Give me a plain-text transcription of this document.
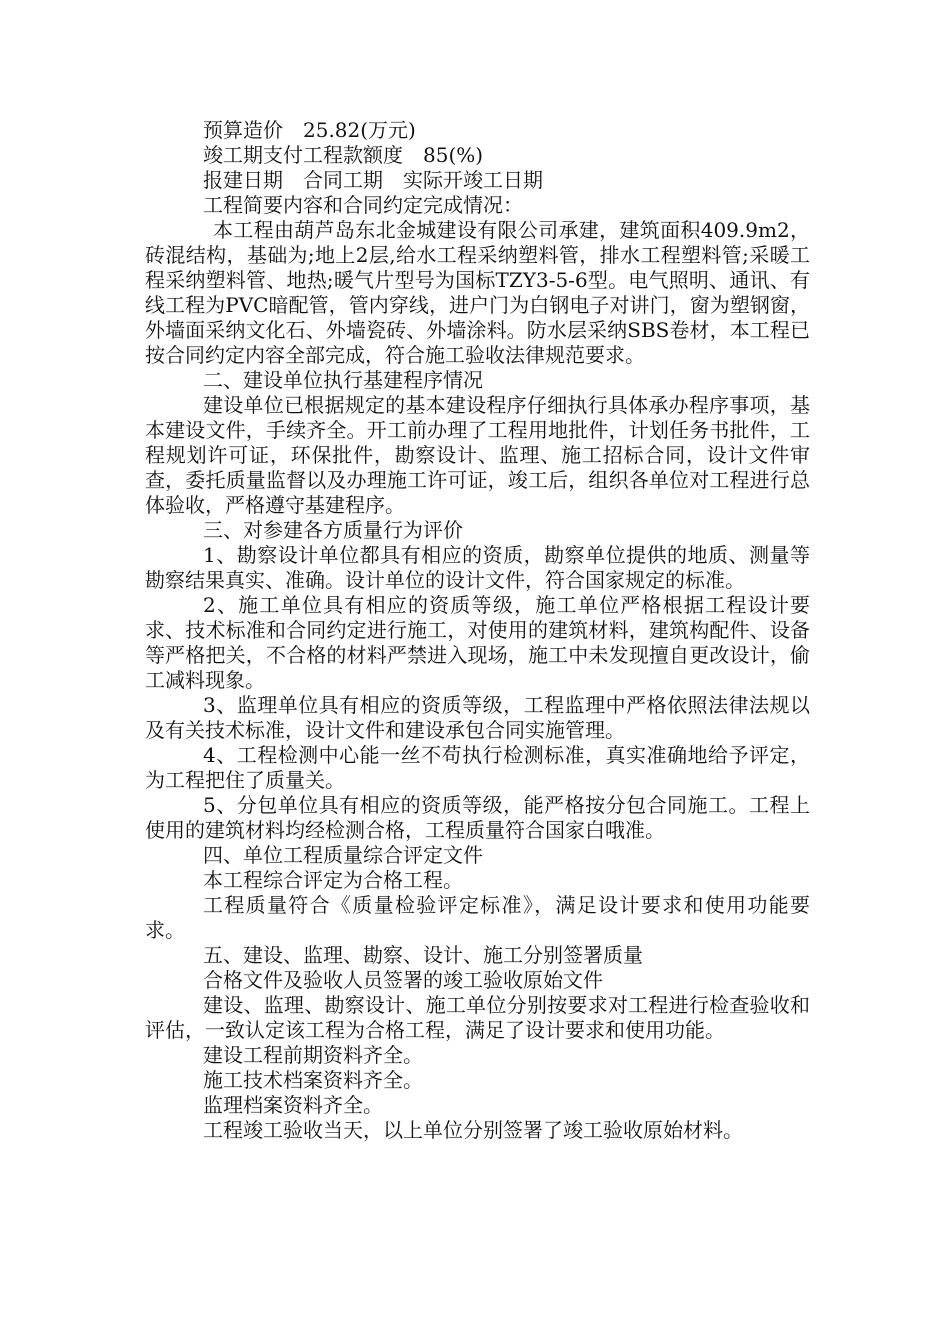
预算造价　25.82(万元)

竣工期支付工程款额度　85(%)

报建日期　合同工期　实际开竣工日期

工程简要内容和合同约定完成情况：

本工程由葫芦岛东北金城建设有限公司承建，建筑面积409.9m2，砖混结构，基础为;地上2层,给水工程采纳塑料管，排水工程塑料管;采暖工程采纳塑料管、地热;暖气片型号为国标TZY3-5-6型。电气照明、通讯、有线工程为PVC暗配管，管内穿线，进户门为白钢电子对讲门，窗为塑钢窗，外墙面采纳文化石、外墙瓷砖、外墙涂料。防水层采纳SBS卷材，本工程已按合同约定内容全部完成，符合施工验收法律规范要求。

二、建设单位执行基建程序情况

建设单位已根据规定的基本建设程序仔细执行具体承办程序事项，基本建设文件，手续齐全。开工前办理了工程用地批件，计划任务书批件，工程规划许可证，环保批件，勘察设计、监理、施工招标合同，设计文件审查，委托质量监督以及办理施工许可证，竣工后，组织各单位对工程进行总体验收，严格遵守基建程序。

三、对参建各方质量行为评价

1、勘察设计单位都具有相应的资质，勘察单位提供的地质、测量等勘察结果真实、准确。设计单位的设计文件，符合国家规定的标准。

2、施工单位具有相应的资质等级，施工单位严格根据工程设计要求、技术标准和合同约定进行施工，对使用的建筑材料，建筑构配件、设备等严格把关，不合格的材料严禁进入现场，施工中未发现擅自更改设计，偷工减料现象。

3、监理单位具有相应的资质等级，工程监理中严格依照法律法规以及有关技术标准，设计文件和建设承包合同实施管理。

4、工程检测中心能一丝不苟执行检测标准，真实准确地给予评定，为工程把住了质量关。

5、分包单位具有相应的资质等级，能严格按分包合同施工。工程上使用的建筑材料均经检测合格，工程质量符合国家白哦准。

四、单位工程质量综合评定文件

本工程综合评定为合格工程。

工程质量符合《质量检验评定标准》，满足设计要求和使用功能要求。

五、建设、监理、勘察、设计、施工分别签署质量

合格文件及验收人员签署的竣工验收原始文件

建设、监理、勘察设计、施工单位分别按要求对工程进行检查验收和评估，一致认定该工程为合格工程，满足了设计要求和使用功能。

建设工程前期资料齐全。

施工技术档案资料齐全。

监理档案资料齐全。

工程竣工验收当天，以上单位分别签署了竣工验收原始材料。
